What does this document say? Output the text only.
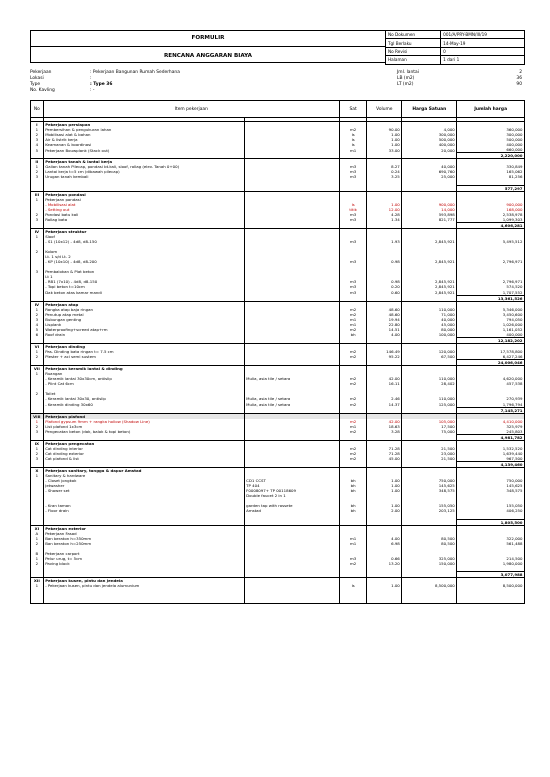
FORMULIR
RENCANA ANGGARAN BIAYA
No Dokumen	001/A/PRY-BMN/III/19
Tgl Berlaku	14-May-19
No Revisi	0
Halaman	1 dari 1
Pekerjaan	: Pekerjaan Bangunan Rumah Sederhana	Jml. lantai	2
Lokasi	:	LB (m2)	36
Type	: Type 36	LT (m2)	90
No. Kavling	: -
No	Item pekerjaan		Sat	Volume	Harga Satuan	Jumlah harga

I	Pekerjaan persiapan					
1	Pembersihan & pengukuran lahan		m2	90.00	4,000	360,000
2	Mobilisasi alat & bahan		ls	1.00	300,000	300,000
3	Air & listrik kerja		ls	1.00	500,000	500,000
4	Keamanan & koordinasi		ls	1.00	400,000	400,000
5	Pekerjaan Bouwplank (Stack out)		m1	33.00	20,000	660,000
						2,220,000
II	Pekerjaan tanah & lantai kerja					
1	Galian tanah Pilecap, pondasi bt.kali, sloof, rollag (elev. Tanah 0+00)		m3	8.27	40,000	330,849
2	Lantai kerja t=5 cm (dibawah pilecap)		m3	0.24	690,760	165,062
3	Urugan tanah kembali		m3	3.25	25,000	81,256

						577,297
III	Pekerjaan pondasi					
1	Pekerjaan pondasi					
	- Mobilisasi alat		ls	1.00	900,000	900,000
	- Setting out		titik	12.00	14,000	168,000
2	Pondasi batu kali		m3	4.28	593,898	2,538,978
3	Rollag bata		m3	1.34	821,777	1,099,303
						4,606,281
IV	Pekerjaan struktur					
1	Sloof					
	- S1 (10x12) - 4d8, d8-150		m3	1.93	2,845,921	5,495,512

2	Kolom					
	Lt. 1 s/d Lt. 2					
	- KP (10x10) - 4d8, d8-200		m3	0.98	2,845,921	2,796,971

3	Pembalokan & Plat beton					
	Lt 1					
	- RB1 (7x10) - 4d8, d8-150		m3	0.98	2,845,921	2,796,971
	- Topi beton t=10cm		m3	0.20	2,845,921	574,520
	Dak beton atas kamar mandi		m3	0.60	2,845,921	1,707,552
						13,361,526
IV	Pekerjaan atap					
1	Rangka atap baja ringan		m2	48.60	110,000	5,346,000
2	Penutup atap metal		m2	48.60	71,000	3,450,600
3	Bubungan genting		m1	19.94	40,000	794,050
4	Lisplank		m1	22.80	45,000	1,026,000
5	Waterproofing+screed atap+rm		m2	14.51	80,000	1,161,052
6	Roof drain		bh	4.00	100,000	400,000
						12,182,202
VI	Pekerjaan dinding					
1	Pas. Dinding bata ringan t= 7.5 cm		m2	146.49	120,000	17,578,800
2	Plester + aci semi sustem		m2	95.22	67,500	6,427,246
						24,006,046
VII	Pekerjaan keramik lantai & dinding					
1	Ruangan					
	- Keramik lantai 30x30cm, antislip	Mulia, asia tile / setara	m2	42.00	110,000	4,620,000
	- Plint Cat 6cm		m2	16.11	28,402	457,538

2	Toilet					
	- Keramik lantai 30x30, antislip	Mulia, asia tile / setara	m2	2.46	110,000	270,939
	- Keramik dinding 30x60	Mulia, asia tile / setara	m2	14.37	125,000	1,796,794
						7,145,271
VIII	Pekerjaan plafond					
1	Plafond gypsum 9mm + rangka hollow (Shadow Line)		m2	42.00	105,000	4,410,000
2	List plafond 1x3cm		m1	18.63	17,500	325,979
3	Pengecatan beton (dak, balok & topi beton)		m2	3.28	75,000	245,803
						4,981,782
IX	Pekerjaan pengecatan					
1	Cat dinding interior		m2	71.28	21,500	1,532,520
2	Cat dinding exterior		m2	71.28	23,000	1,639,440
3	Cat plafond & list		m2	45.00	21,500	967,500
						4,139,460
X	Pekerjaan sanitary, tangga & dapur Amstad					
1	Sanitary & hardware					
	- Closet jongkok	CD1 CCST	bh	1.00	750,000	750,000
	Jetwasher	TP 404	bh	1.00	145,625	145,625
	- Shower set	F0008097+ TP 00118609	bh	1.00	348,575	348,575
		Double faucet 2 in 1				

	- Kran taman	garden tap with rossete	bh	1.00	155,050	155,050
	- Floor drain	Amstad	bh	2.00	203,125	406,250

						1,805,500
XI	Pekerjaan exterior					
A	Pekerjaan Fasad					
1	Ban beraton h=350mm		m1	4.00	80,500	322,000
2	Ban beraton h=250mm		m1	6.98	80,500	561,488

B	Pekerjaan carport					
1	Pelur urug, t= 5cm		m3	0.66	325,000	214,500
2	Paving block		m2	13.20	150,000	1,980,000

						3,077,988
XII	Pekerjaan kusen, pintu dan jendela					
1	- Pekerjaan kusen, pintu dan jendela alumunium		ls	1.00	8,500,000	8,500,000
